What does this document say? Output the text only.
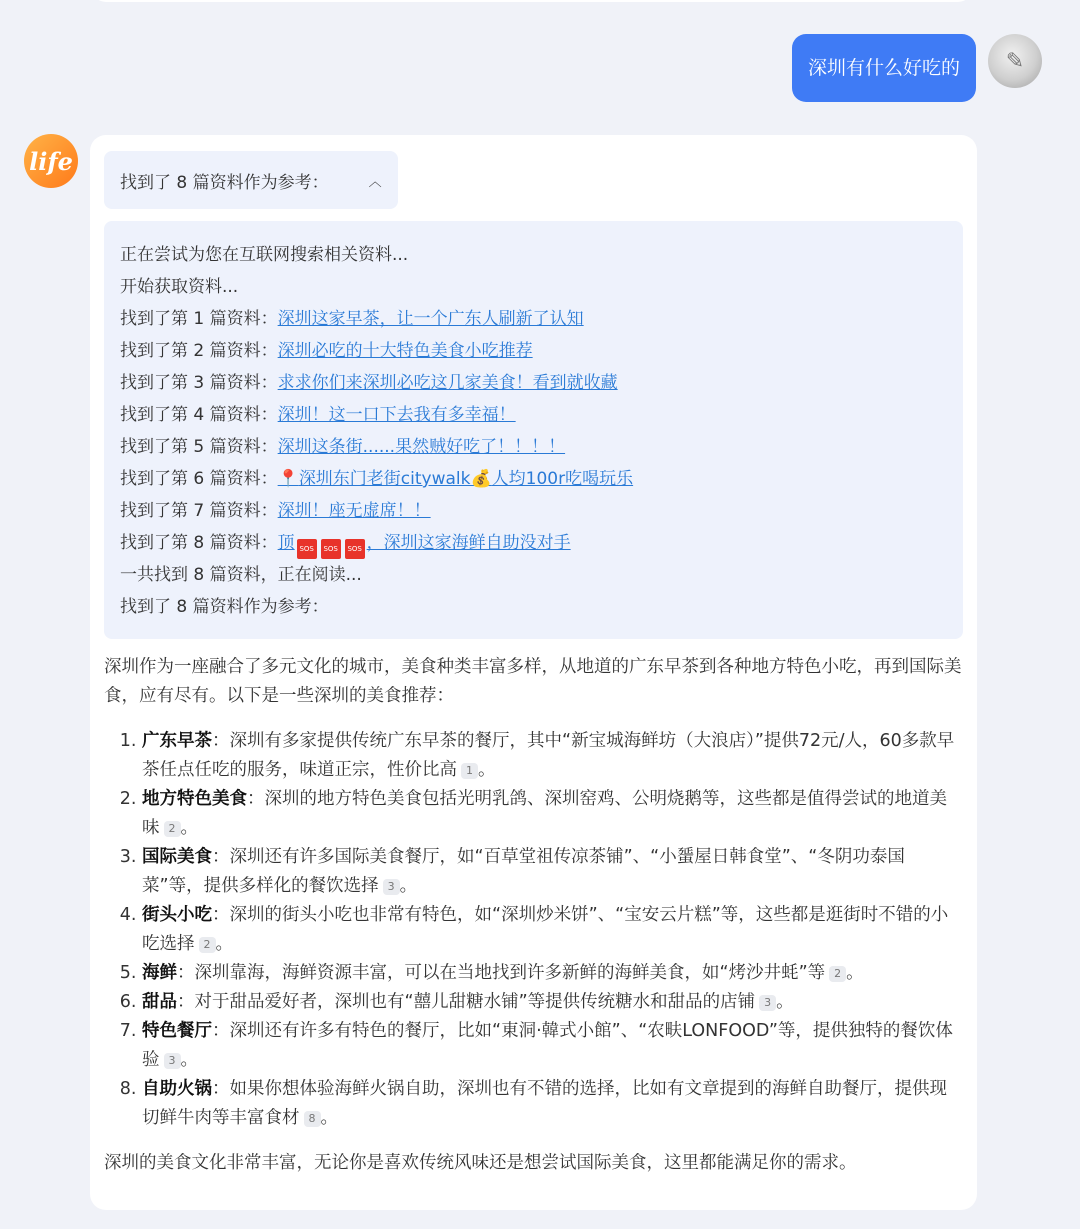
深圳有什么好吃的	✎
life
找到了 8 篇资料作为参考：	︿
正在尝试为您在互联网搜索相关资料...
开始获取资料...
找到了第 1 篇资料：深圳这家早茶，让一个广东人刷新了认知
找到了第 2 篇资料：深圳必吃的十大特色美食小吃推荐
找到了第 3 篇资料：求求你们来深圳必吃这几家美食！看到就收藏
找到了第 4 篇资料：深圳！这一口下去我有多幸福！
找到了第 5 篇资料：深圳这条街......果然贼好吃了！！！！
找到了第 6 篇资料：📍深圳东门老街citywalk💰人均100r吃喝玩乐
找到了第 7 篇资料：深圳！座无虚席！！
找到了第 8 篇资料：顶 SOS SOS SOS ，深圳这家海鲜自助没对手
一共找到 8 篇资料，正在阅读...
找到了 8 篇资料作为参考：
深圳作为一座融合了多元文化的城市，美食种类丰富多样，从地道的广东早茶到各种地方特色小吃，再到国际美食，应有尽有。以下是一些深圳的美食推荐：
1. 广东早茶：深圳有多家提供传统广东早茶的餐厅，其中“新宝城海鲜坊（大浪店）”提供72元/人，60多款早茶任点任吃的服务，味道正宗，性价比高 1 。
2. 地方特色美食：深圳的地方特色美食包括光明乳鸽、深圳窑鸡、公明烧鹅等，这些都是值得尝试的地道美味 2 。
3. 国际美食：深圳还有许多国际美食餐厅，如“百草堂祖传凉茶铺”、“小蜑屋日韩食堂”、“冬阴功泰国菜”等，提供多样化的餐饮选择 3 。
4. 街头小吃：深圳的街头小吃也非常有特色，如“深圳炒米饼”、“宝安云片糕”等，这些都是逛街时不错的小吃选择 2 。
5. 海鲜：深圳靠海，海鲜资源丰富，可以在当地找到许多新鲜的海鲜美食，如“烤沙井蚝”等 2 。
6. 甜品：对于甜品爱好者，深圳也有“囍儿甜糖水铺”等提供传统糖水和甜品的店铺 3 。
7. 特色餐厅：深圳还有许多有特色的餐厅，比如“東洞·韓式小館”、“农畉LONFOOD”等，提供独特的餐饮体验 3 。
8. 自助火锅：如果你想体验海鲜火锅自助，深圳也有不错的选择，比如有文章提到的海鲜自助餐厅，提供现切鲜牛肉等丰富食材 8 。
深圳的美食文化非常丰富，无论你是喜欢传统风味还是想尝试国际美食，这里都能满足你的需求。
